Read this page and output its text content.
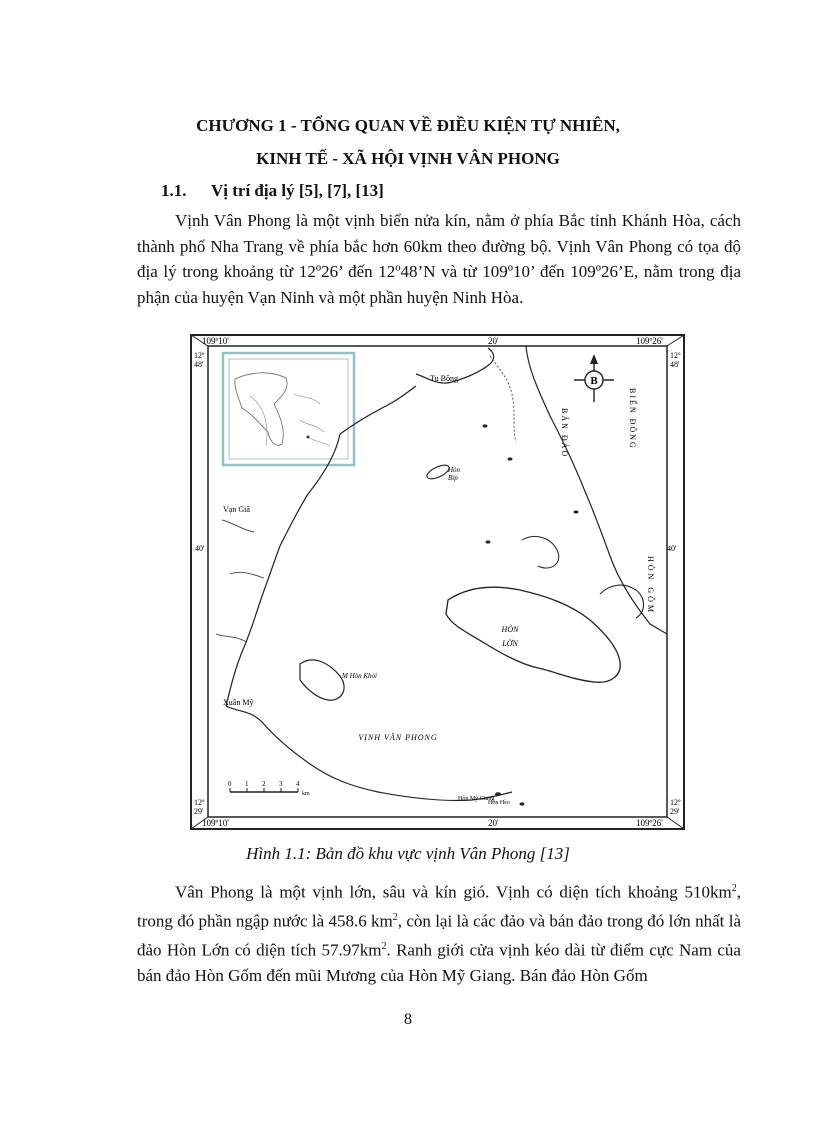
CHƯƠNG 1 - TỔNG QUAN VỀ ĐIỀU KIỆN TỰ NHIÊN,
KINH TẾ - XÃ HỘI VỊNH VÂN PHONG
1.1. Vị trí địa lý [5], [7], [13]

Vịnh Vân Phong là một vịnh biển nửa kín, nằm ở phía Bắc tỉnh Khánh Hòa, cách thành phố Nha Trang về phía bắc hơn 60km theo đường bộ. Vịnh Vân Phong có tọa độ địa lý trong khoảng từ 12º26’ đến 12º48’N và từ 109º10’ đến 109º26’E, nằm trong địa phận của huyện Vạn Ninh và một phần huyện Ninh Hòa.

109º10'	109º26'
109º10'	109º26'
20'
20'
12º
48'
12º
48'
12º
29'
12º
29'
40'	40'
B
Tu Bông
BIỂN ĐÔNG
BÁN ĐẢO
Hòn
Bíp
Vạn Giã
HÒN GÔM
HÒN
LỚN
M Hòn Khói
Xuân Mỹ
VỊNH VÂN PHONG
Hòn Mỹ Giang
Hòn Hèo
0 1 2 3 4
km
Hình 1.1: Bản đồ khu vực vịnh Vân Phong [13]

Vân Phong là một vịnh lớn, sâu và kín gió. Vịnh có diện tích khoảng $510km^2$, trong đó phần ngập nước là 458.6 $km^2$, còn lại là các đảo và bán đảo trong đó lớn nhất là đảo Hòn Lớn có diện tích $57.97km^2$. Ranh giới cửa vịnh kéo dài từ điểm cực Nam của bán đảo Hòn Gốm đến mũi Mương của Hòn Mỹ Giang. Bán đảo Hòn Gốm

8
